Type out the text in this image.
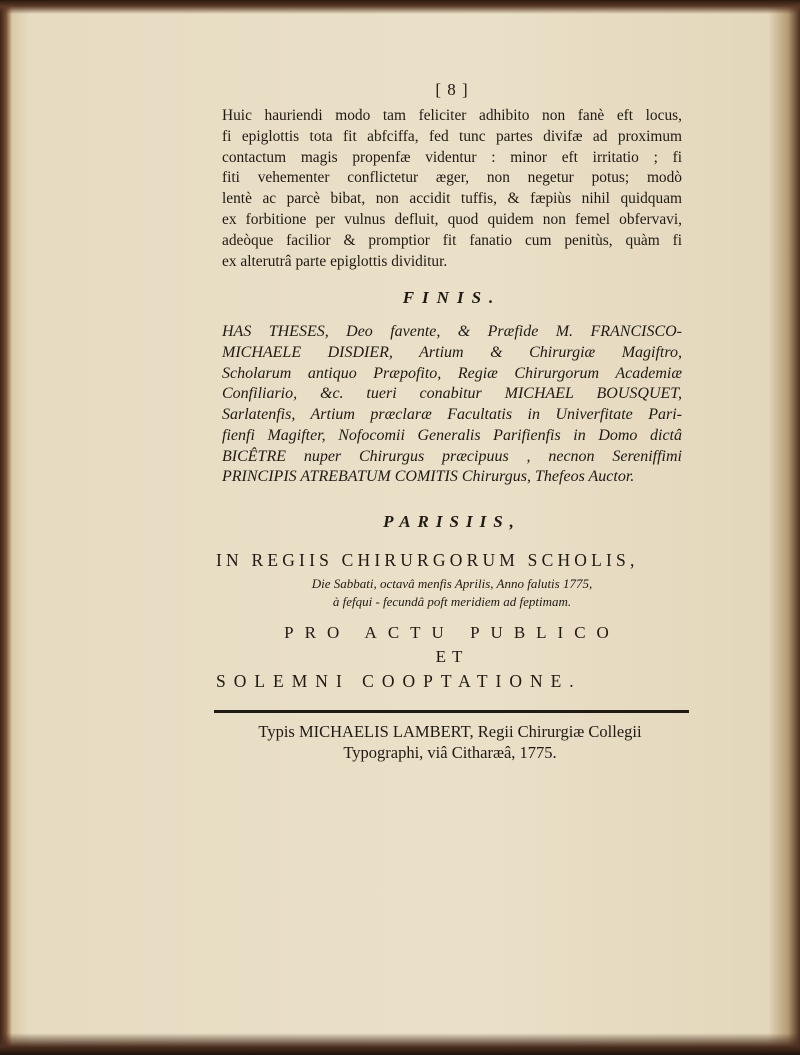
[ 8 ]
Huic hauriendi modo tam feliciter adhibito non fanè eft locus,
fi epiglottis tota fit abfciffa, fed tunc partes divifæ ad proximum
contactum magis propenfæ videntur : minor eft irritatio ; fi
fiti vehementer conflictetur æger, non negetur potus; modò
lentè ac parcè bibat, non accidit tuffis, & fæpiùs nihil quidquam
ex forbitione per vulnus defluit, quod quidem non femel obfervavi,
adeòque facilior & promptior fit fanatio cum penitùs, quàm fi
ex alterutrâ parte epiglottis dividitur.
FINIS.
HAS THESES, Deo favente, & Præfide M. FRANCISCO-
MICHAELE DISDIER, Artium & Chirurgiæ Magiftro,
Scholarum antiquo Præpofito, Regiæ Chirurgorum Academiæ
Confiliario, &c. tueri conabitur MICHAEL BOUSQUET,
Sarlatenfis, Artium præclaræ Facultatis in Univerfitate Pari-
fienfi Magifter, Nofocomii Generalis Parifienfis in Domo dictâ
BICÊTRE nuper Chirurgus præcipuus , necnon Sereniffimi
PRINCIPIS ATREBATUM COMITIS Chirurgus, Thefeos Auctor.
PARISIIS,
IN REGIIS CHIRURGORUM SCHOLIS,
Die Sabbati, octavâ menfis Aprilis, Anno falutis 1775,
à fefqui - fecundâ poft meridiem ad feptimam.
PRO ACTU PUBLICO
ET
SOLEMNI COOPTATIONE.
Typis MICHAELIS LAMBERT, Regii Chirurgiæ Collegii
Typographi, viâ Citharæâ, 1775.
